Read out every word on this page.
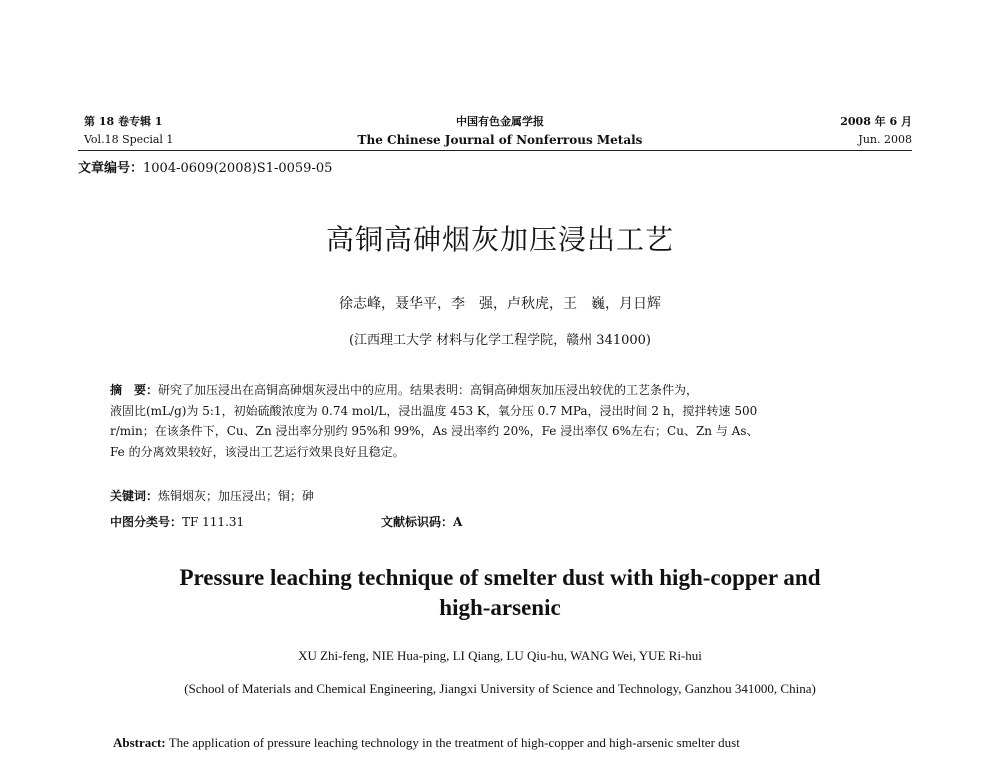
第 18 卷专辑 1	中国有色金属学报	2008 年 6 月
Vol.18 Special 1	The Chinese Journal of Nonferrous Metals	Jun. 2008
文章编号：1004-0609(2008)S1-0059-05
高铜高砷烟灰加压浸出工艺
徐志峰，聂华平，李　强，卢秋虎，王　巍，月日辉
(江西理工大学 材料与化学工程学院，赣州 341000)
摘　要：研究了加压浸出在高铜高砷烟灰浸出中的应用。结果表明：高铜高砷烟灰加压浸出较优的工艺条件为，
液固比(mL/g)为 5:1，初始硫酸浓度为 0.74 mol/L，浸出温度 453 K，氧分压 0.7 MPa，浸出时间 2 h，搅拌转速 500
r/min；在该条件下，Cu、Zn 浸出率分别约 95%和 99%，As 浸出率约 20%，Fe 浸出率仅 6%左右；Cu、Zn 与 As、
Fe 的分离效果较好，该浸出工艺运行效果良好且稳定。
关键词：炼铜烟灰；加压浸出；铜；砷
中图分类号：TF 111.31	文献标识码：A
Pressure leaching technique of smelter dust with high-copper and
high-arsenic
XU Zhi-feng, NIE Hua-ping, LI Qiang, LU Qiu-hu, WANG Wei, YUE Ri-hui
(School of Materials and Chemical Engineering, Jiangxi University of Science and Technology, Ganzhou 341000, China)
Abstract: The application of pressure leaching technology in the treatment of high-copper and high-arsenic smelter dust
